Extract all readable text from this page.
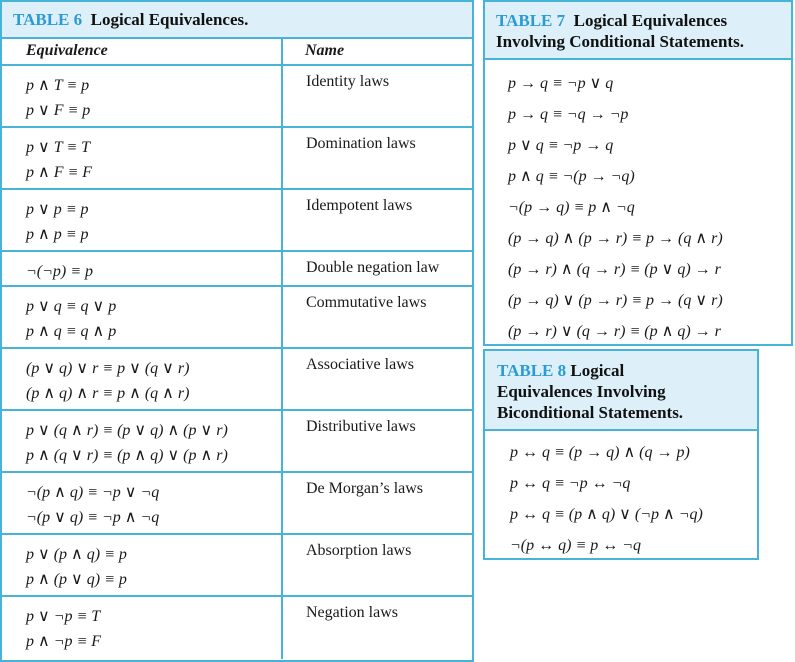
TABLE 6 Logical Equivalences.
Equivalence	Name
p ∧ T ≡ p
p ∨ F ≡ p
Identity laws
p ∨ T ≡ T
p ∧ F ≡ F
Domination laws
p ∨ p ≡ p
p ∧ p ≡ p
Idempotent laws
¬(¬p) ≡ p	Double negation law
p ∨ q ≡ q ∨ p
p ∧ q ≡ q ∧ p
Commutative laws
(p ∨ q) ∨ r ≡ p ∨ (q ∨ r)
(p ∧ q) ∧ r ≡ p ∧ (q ∧ r)
Associative laws
p ∨ (q ∧ r) ≡ (p ∨ q) ∧ (p ∨ r)
p ∧ (q ∨ r) ≡ (p ∧ q) ∨ (p ∧ r)
Distributive laws
¬(p ∧ q) ≡ ¬p ∨ ¬q
¬(p ∨ q) ≡ ¬p ∧ ¬q
De Morgan’s laws
p ∨ (p ∧ q) ≡ p
p ∧ (p ∨ q) ≡ p
Absorption laws
p ∨ ¬p ≡ T
p ∧ ¬p ≡ F
Negation laws
TABLE 7 Logical Equivalences
Involving Conditional Statements.
p → q ≡ ¬p ∨ q
p → q ≡ ¬q → ¬p
p ∨ q ≡ ¬p → q
p ∧ q ≡ ¬(p → ¬q)
¬(p → q) ≡ p ∧ ¬q
(p → q) ∧ (p → r) ≡ p → (q ∧ r)
(p → r) ∧ (q → r) ≡ (p ∨ q) → r
(p → q) ∨ (p → r) ≡ p → (q ∨ r)
(p → r) ∨ (q → r) ≡ (p ∧ q) → r
TABLE 8 Logical
Equivalences Involving
Biconditional Statements.
p ↔ q ≡ (p → q) ∧ (q → p)
p ↔ q ≡ ¬p ↔ ¬q
p ↔ q ≡ (p ∧ q) ∨ (¬p ∧ ¬q)
¬(p ↔ q) ≡ p ↔ ¬q
